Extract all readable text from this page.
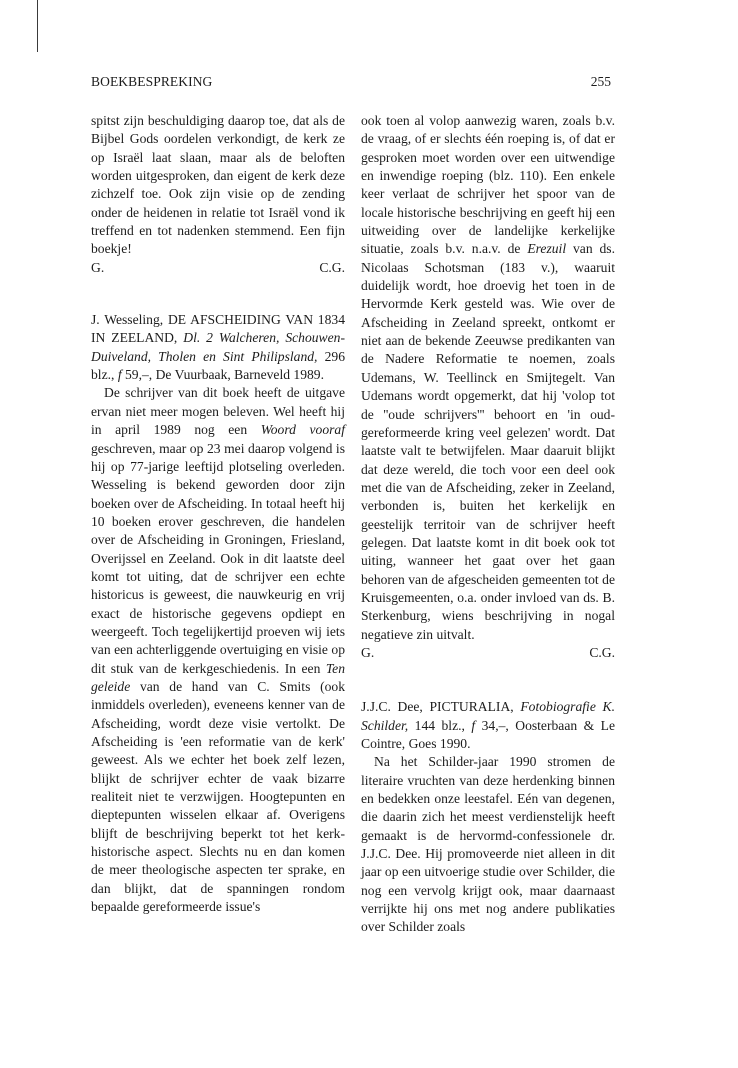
BOEKBESPREKING	255

spitst zijn beschuldiging daarop toe, dat als de Bijbel Gods oordelen verkondigt, de kerk ze op Israël laat slaan, maar als de beloften worden uitgesproken, dan eigent de kerk deze zichzelf toe. Ook zijn visie op de zending onder de heidenen in relatie tot Israël vond ik treffend en tot nadenken stemmend. Een fijn boekje!

G.	C.G.

J. Wesseling, DE AFSCHEIDING VAN 1834 IN ZEELAND, Dl. 2 Walcheren, Schouwen-Duiveland, Tholen en Sint Philipsland, 296 blz., f 59,–, De Vuurbaak, Barneveld 1989.

De schrijver van dit boek heeft de uitgave ervan niet meer mogen beleven. Wel heeft hij in april 1989 nog een Woord vooraf geschreven, maar op 23 mei daarop volgend is hij op 77-jarige leeftijd plotseling overleden. Wesseling is bekend geworden door zijn boeken over de Afscheiding. In totaal heeft hij 10 boeken erover geschreven, die handelen over de Afscheiding in Groningen, Friesland, Overijssel en Zeeland. Ook in dit laatste deel komt tot uiting, dat de schrijver een echte historicus is geweest, die nauwkeurig en vrij exact de historische gegevens opdiept en weergeeft. Toch tegelijkertijd proeven wij iets van een achterliggende overtuiging en visie op dit stuk van de kerkgeschiedenis. In een Ten geleide van de hand van C. Smits (ook inmiddels overleden), eveneens kenner van de Afscheiding, wordt deze visie vertolkt. De Afscheiding is 'een reformatie van de kerk' geweest. Als we echter het boek zelf lezen, blijkt de schrijver echter de vaak bizarre realiteit niet te verzwijgen. Hoogtepunten en dieptepunten wisselen elkaar af. Overigens blijft de beschrijving beperkt tot het kerk-historische aspect. Slechts nu en dan komen de meer theologische aspecten ter sprake, en dan blijkt, dat de spanningen rondom bepaalde gereformeerde issue's

ook toen al volop aanwezig waren, zoals b.v. de vraag, of er slechts één roeping is, of dat er gesproken moet worden over een uitwendige en inwendige roeping (blz. 110). Een enkele keer verlaat de schrijver het spoor van de locale historische beschrijving en geeft hij een uitweiding over de landelijke kerkelijke situatie, zoals b.v. n.a.v. de Erezuil van ds. Nicolaas Schotsman (183 v.), waaruit duidelijk wordt, hoe droevig het toen in de Hervormde Kerk gesteld was. Wie over de Afscheiding in Zeeland spreekt, ontkomt er niet aan de bekende Zeeuwse predikanten van de Nadere Reformatie te noemen, zoals Udemans, W. Teellinck en Smijtegelt. Van Udemans wordt opgemerkt, dat hij 'volop tot de ''oude schrijvers''' behoort en 'in oud-gereformeerde kring veel gelezen' wordt. Dat laatste valt te betwijfelen. Maar daaruit blijkt dat deze wereld, die toch voor een deel ook met die van de Afscheiding, zeker in Zeeland, verbonden is, buiten het kerkelijk en geestelijk territoir van de schrijver heeft gelegen. Dat laatste komt in dit boek ook tot uiting, wanneer het gaat over het gaan behoren van de afgescheiden gemeenten tot de Kruisgemeenten, o.a. onder invloed van ds. B. Sterkenburg, wiens beschrijving in nogal negatieve zin uitvalt.

G.	C.G.

J.J.C. Dee, PICTURALIA, Fotobiografie K. Schilder, 144 blz., f 34,–, Oosterbaan & Le Cointre, Goes 1990.

Na het Schilder-jaar 1990 stromen de literaire vruchten van deze herdenking binnen en bedekken onze leestafel. Eén van degenen, die daarin zich het meest verdienstelijk heeft gemaakt is de hervormd-confessionele dr. J.J.C. Dee. Hij promoveerde niet alleen in dit jaar op een uitvoerige studie over Schilder, die nog een vervolg krijgt ook, maar daarnaast verrijkte hij ons met nog andere publikaties over Schilder zoals
